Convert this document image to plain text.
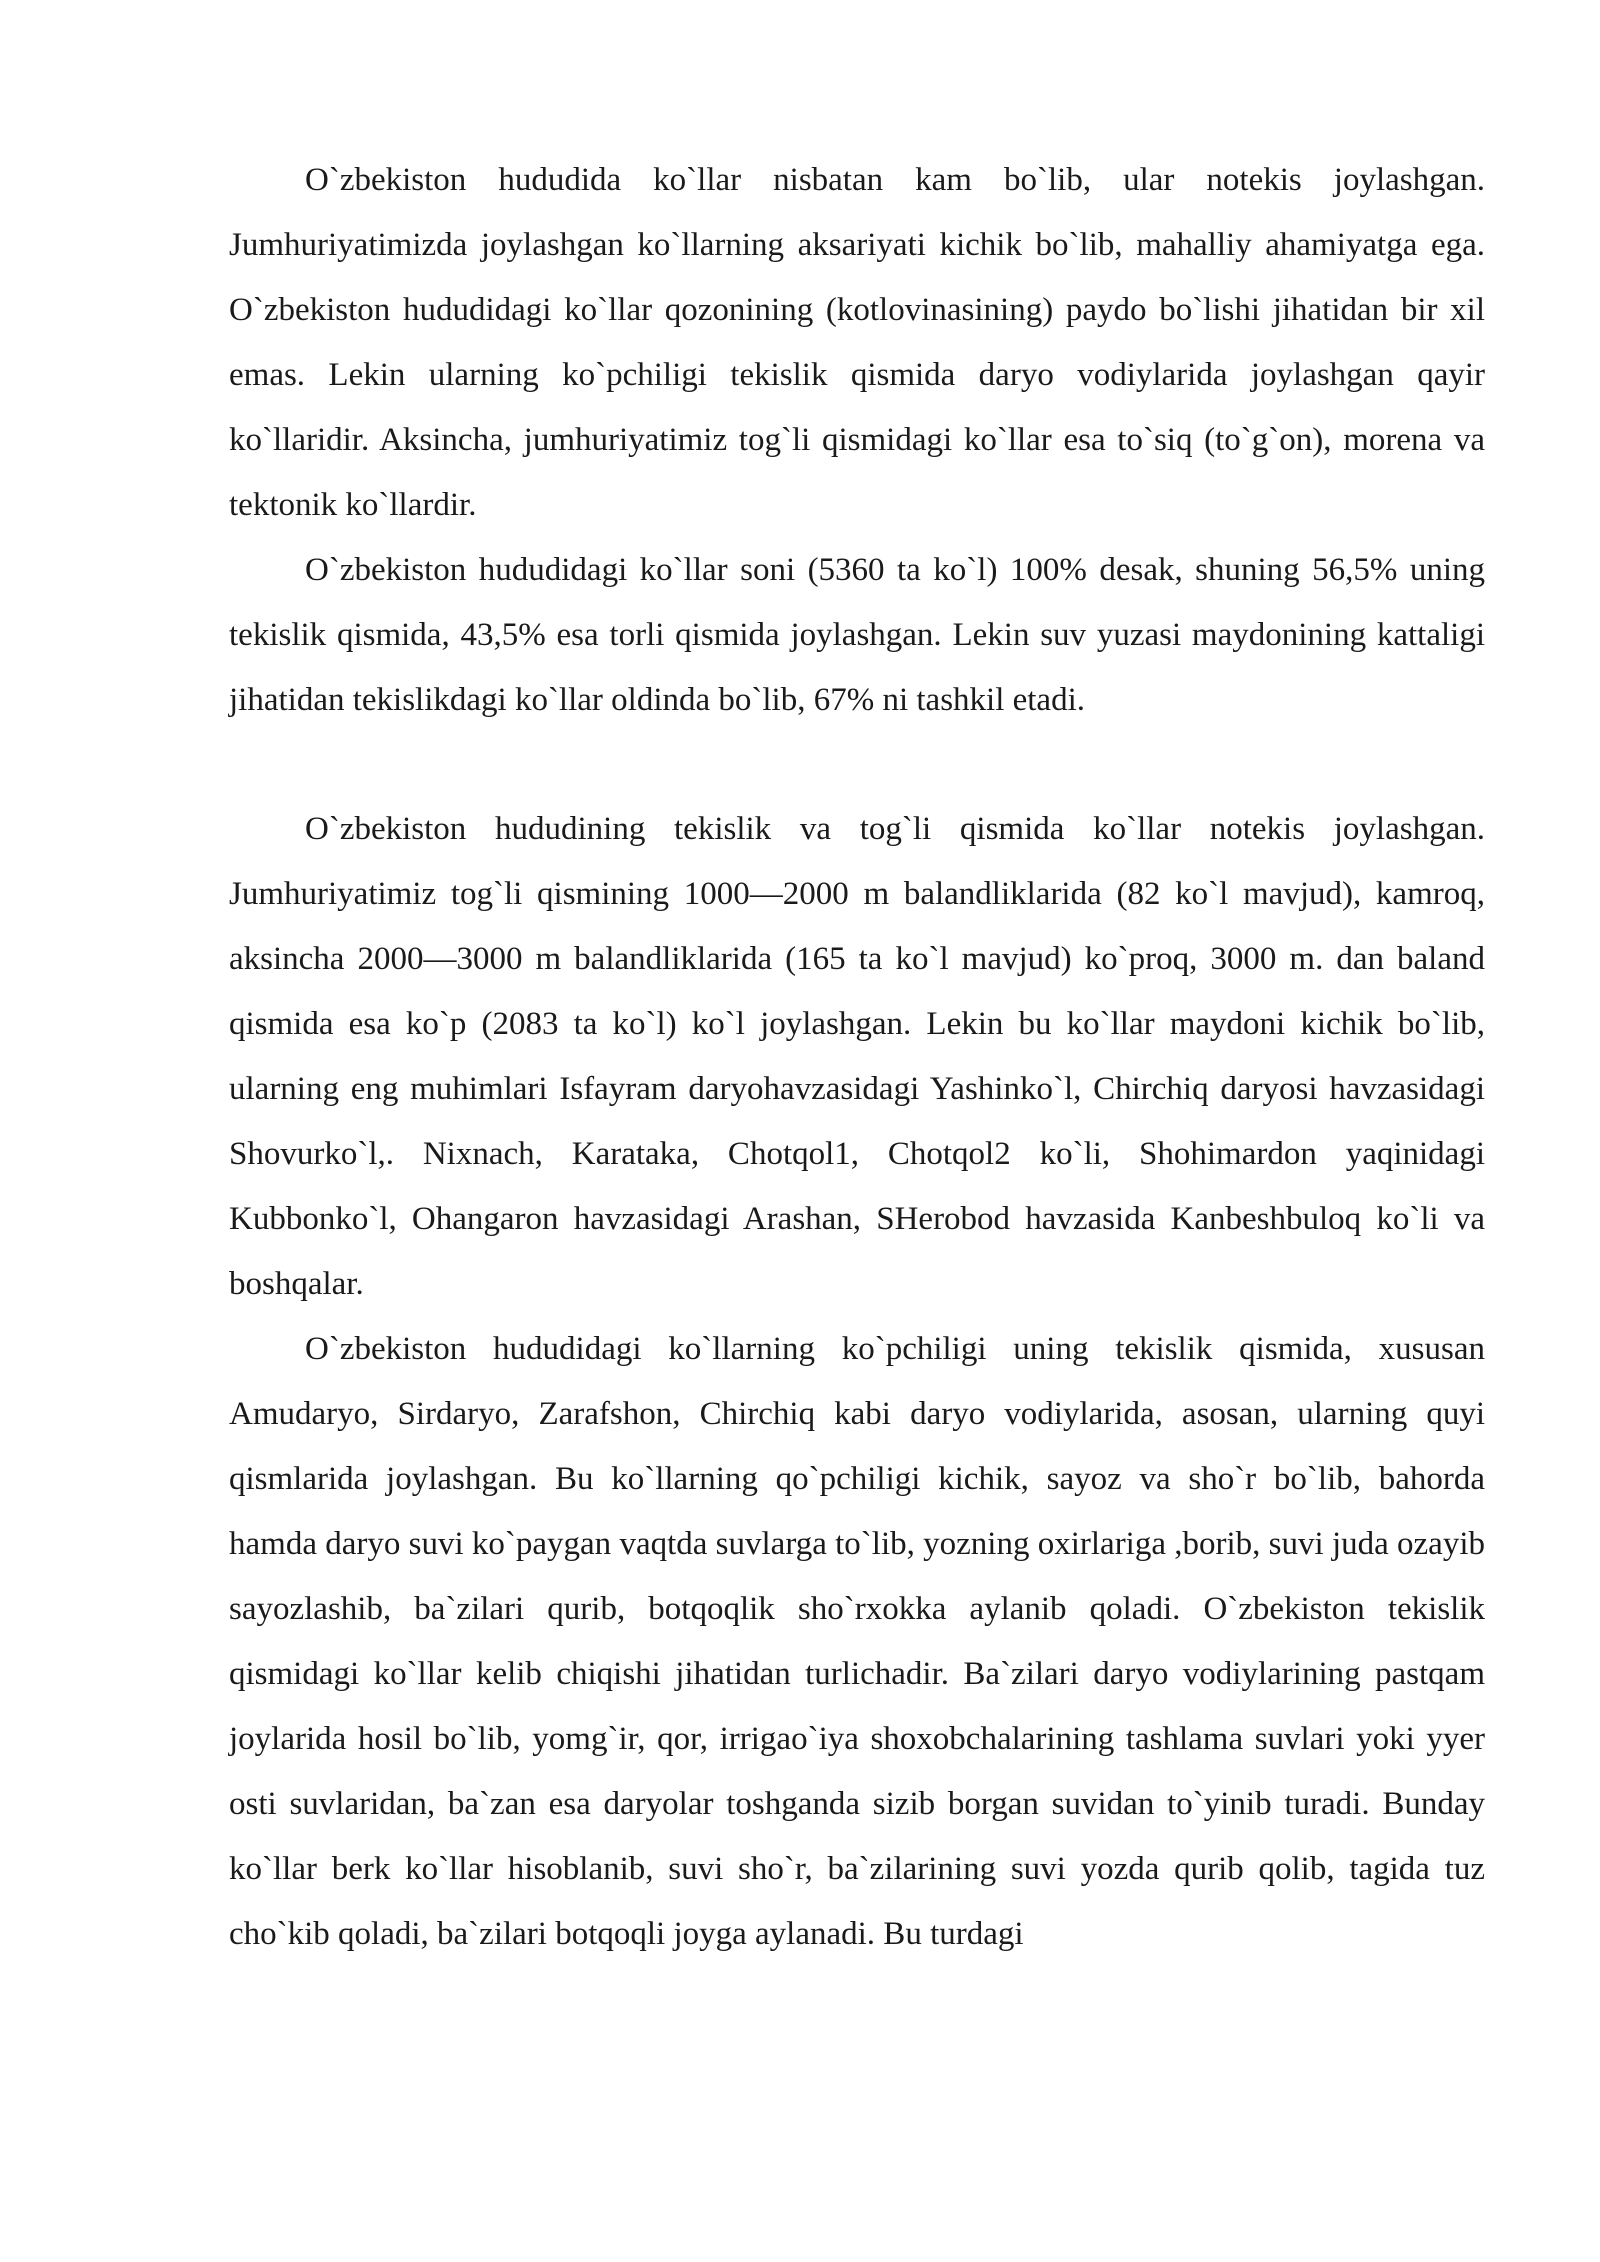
O`zbekiston hududida ko`llar nisbatan kam bo`lib, ular notekis joylashgan. Jumhuriyatimizda joylashgan ko`llarning aksariyati kichik bo`lib, mahalliy ahamiyatga ega. O`zbekiston hududidagi ko`llar qozonining (kotlovinasining) paydo bo`lishi jihatidan bir xil emas. Lekin ularning ko`pchiligi tekislik qismida daryo vodiylarida joylashgan qayir ko`llaridir. Aksincha, jumhuriyatimiz tog`li qismidagi ko`llar esa to`siq (to`g`on), morena va tektonik ko`llardir.

O`zbekiston hududidagi ko`llar soni (5360 ta ko`l) 100% desak, shuning 56,5% uning tekislik qismida, 43,5% esa torli qismida joylashgan. Lekin suv yuzasi maydonining kattaligi jihatidan tekislikdagi ko`llar oldinda bo`lib, 67% ni tashkil etadi.

O`zbekiston hududining tekislik va tog`li qismida ko`llar notekis joylashgan. Jumhuriyatimiz tog`li qismining 1000—2000 m balandliklarida (82 ko`l mavjud), kamroq, aksincha 2000—3000 m balandliklarida (165 ta ko`l mavjud) ko`proq, 3000 m. dan baland qismida esa ko`p (2083 ta ko`l) ko`l joylashgan. Lekin bu ko`llar maydoni kichik bo`lib, ularning eng muhimlari Isfayram daryohavzasidagi Yashinko`l, Chirchiq daryosi havzasidagi Shovurko`l,. Nixnach, Karataka, Chotqol1, Chotqol2 ko`li, Shohimardon yaqinidagi Kubbonko`l, Ohangaron havzasidagi Arashan, SHerobod havzasida Kanbeshbuloq ko`li va boshqalar.

O`zbekiston hududidagi ko`llarning ko`pchiligi uning tekislik qismida, xususan Amudaryo, Sirdaryo, Zarafshon, Chirchiq kabi daryo vodiylarida, asosan, ularning quyi qismlarida joylashgan. Bu ko`llarning qo`pchiligi kichik, sayoz va sho`r bo`lib, bahorda hamda daryo suvi ko`paygan vaqtda suvlarga to`lib, yozning oxirlariga ,borib, suvi juda ozayib sayozlashib, ba`zilari qurib, botqoqlik sho`rxokka aylanib qoladi. O`zbekiston tekislik qismidagi ko`llar kelib chiqishi jihatidan turlichadir. Ba`zilari daryo vodiylarining pastqam joylarida hosil bo`lib, yomg`ir, qor, irrigao`iya shoxobchalarining tashlama suvlari yoki yyer osti suvlaridan, ba`zan esa daryolar toshganda sizib borgan suvidan to`yinib turadi. Bunday ko`llar berk ko`llar hisoblanib, suvi sho`r, ba`zilarining suvi yozda qurib qolib, tagida tuz cho`kib qoladi, ba`zilari botqoqli joyga aylanadi. Bu turdagi
